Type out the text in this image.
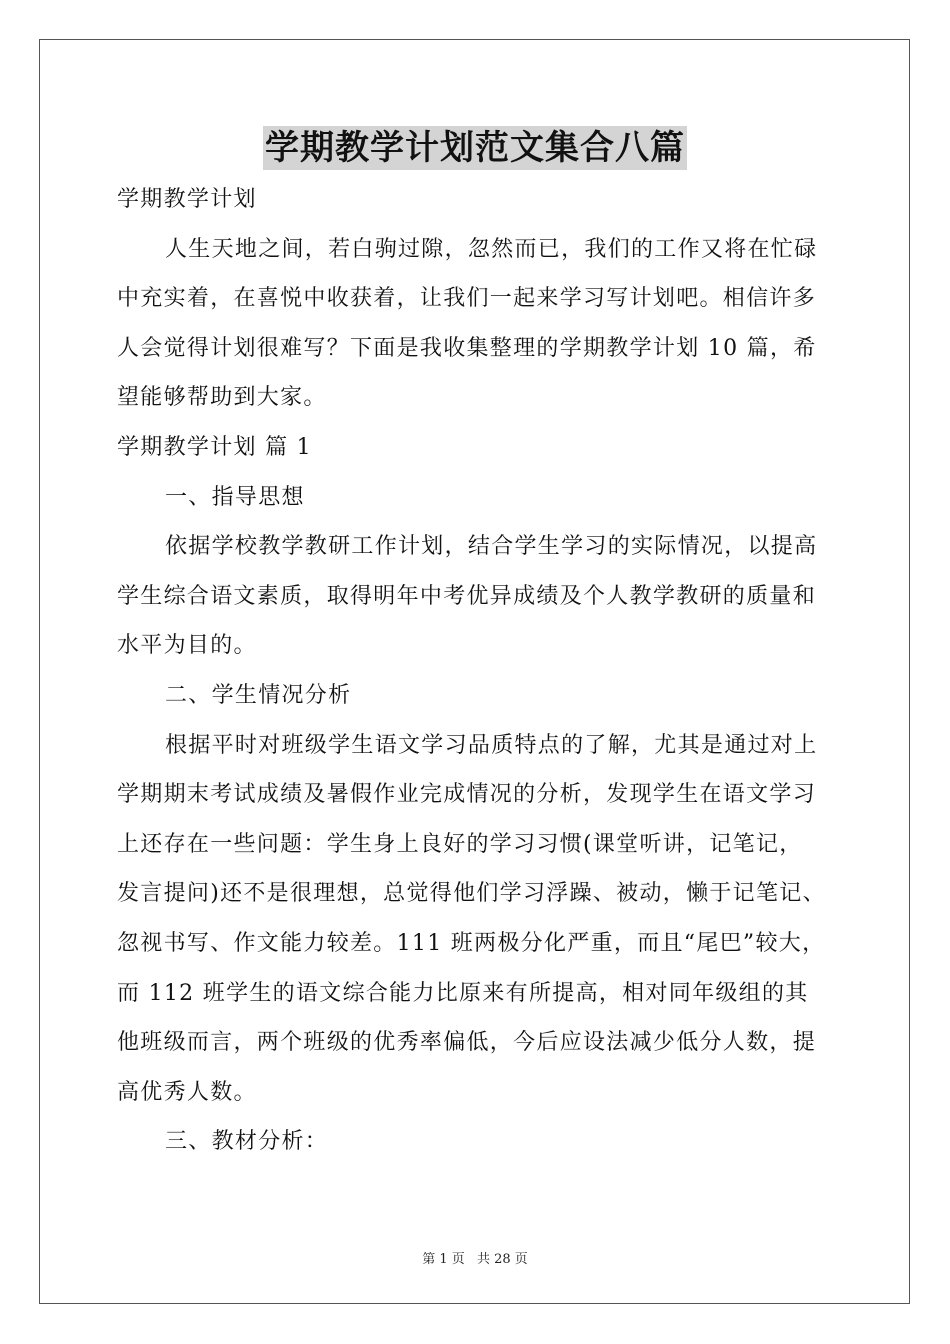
学期教学计划范文集合八篇
学期教学计划
人生天地之间，若白驹过隙，忽然而已，我们的工作又将在忙碌
中充实着，在喜悦中收获着，让我们一起来学习写计划吧。相信许多
人会觉得计划很难写？下面是我收集整理的学期教学计划 10 篇，希
望能够帮助到大家。
学期教学计划 篇 1
一、指导思想
依据学校教学教研工作计划，结合学生学习的实际情况，以提高
学生综合语文素质，取得明年中考优异成绩及个人教学教研的质量和
水平为目的。
二、学生情况分析
根据平时对班级学生语文学习品质特点的了解，尤其是通过对上
学期期末考试成绩及暑假作业完成情况的分析，发现学生在语文学习
上还存在一些问题：学生身上良好的学习习惯(课堂听讲，记笔记，
发言提问)还不是很理想，总觉得他们学习浮躁、被动，懒于记笔记、
忽视书写、作文能力较差。111 班两极分化严重，而且“尾巴”较大，
而 112 班学生的语文综合能力比原来有所提高，相对同年级组的其
他班级而言，两个班级的优秀率偏低，今后应设法减少低分人数，提
高优秀人数。
三、教材分析：
第 1 页 共 28 页
